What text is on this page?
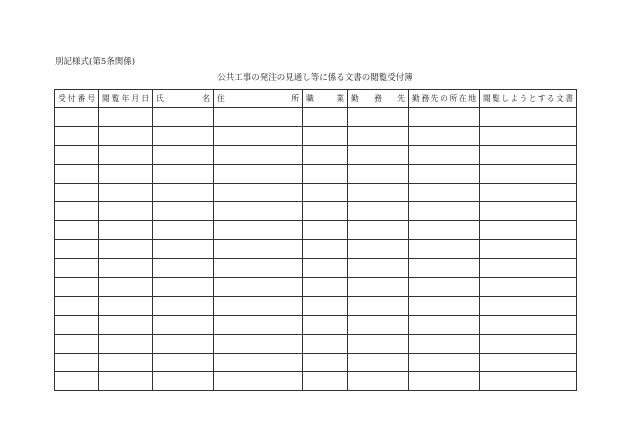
別記様式(第5条関係)
公共工事の発注の見通し等に係る文書の閲覧受付簿
受付番号	閲覧年月日	氏　　名	住　　所	職　　業	勤　務　先	勤務先の所在地	閲覧しようとする文書
